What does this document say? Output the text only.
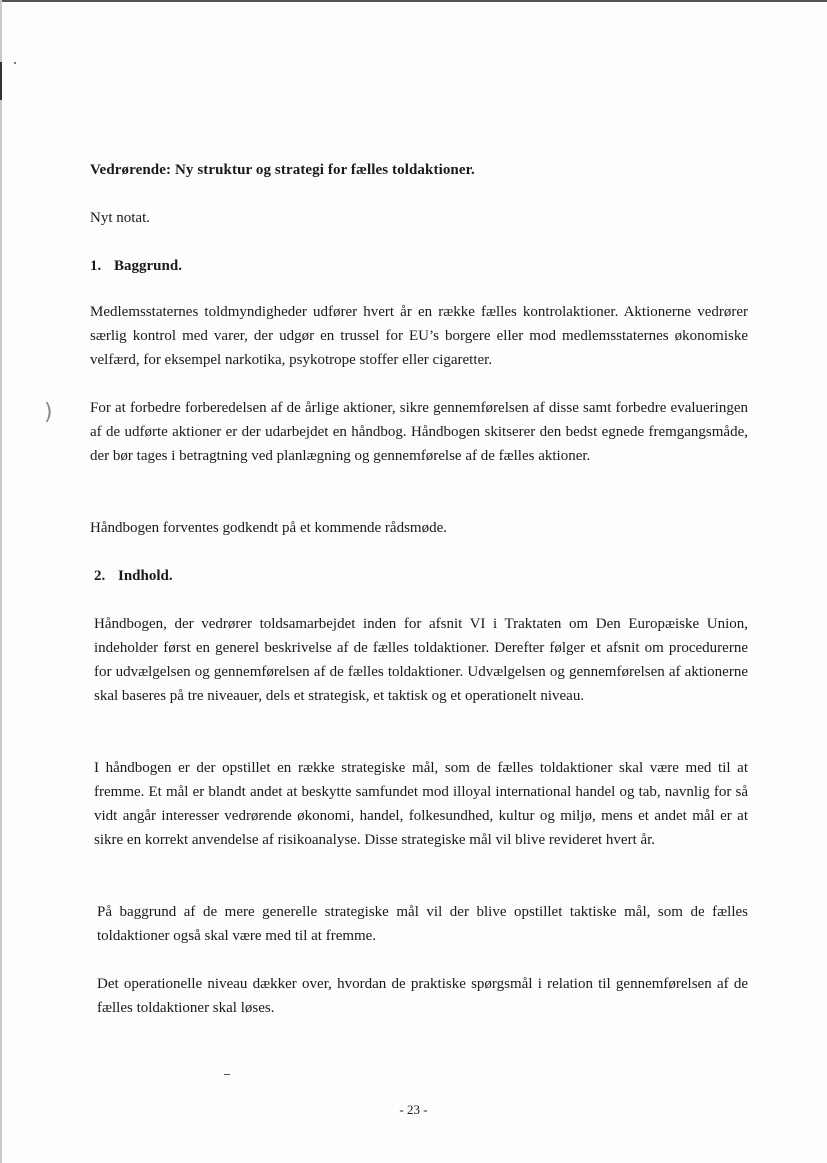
)
Vedrørende: Ny struktur og strategi for fælles toldaktioner.
Nyt notat.
1. Baggrund.

Medlemsstaternes toldmyndigheder udfører hvert år en række fælles kontrolaktioner. Aktionerne vedrører særlig kontrol med varer, der udgør en trussel for EU’s borgere eller mod medlemsstaternes økonomiske velfærd, for eksempel narkotika, psykotrope stoffer eller cigaretter.

For at forbedre forberedelsen af de årlige aktioner, sikre gennemførelsen af disse samt forbedre evalueringen af de udførte aktioner er der udarbejdet en håndbog. Håndbogen skitserer den bedst egnede fremgangsmåde, der bør tages i betragtning ved planlægning og gennemførelse af de fælles aktioner.

Håndbogen forventes godkendt på et kommende rådsmøde.

2. Indhold.

Håndbogen, der vedrører toldsamarbejdet inden for afsnit VI i Traktaten om Den Europæiske Union, indeholder først en generel beskrivelse af de fælles toldaktioner. Derefter følger et afsnit om procedurerne for udvælgelsen og gennemførelsen af de fælles toldaktioner. Udvælgelsen og gennemførelsen af aktionerne skal baseres på tre niveauer, dels et strategisk, et taktisk og et operationelt niveau.

I håndbogen er der opstillet en række strategiske mål, som de fælles toldaktioner skal være med til at fremme. Et mål er blandt andet at beskytte samfundet mod illoyal international handel og tab, navnlig for så vidt angår interesser vedrørende økonomi, handel, folkesundhed, kultur og miljø, mens et andet mål er at sikre en korrekt anvendelse af risikoanalyse. Disse strategiske mål vil blive revideret hvert år.

På baggrund af de mere generelle strategiske mål vil der blive opstillet taktiske mål, som de fælles toldaktioner også skal være med til at fremme.

Det operationelle niveau dækker over, hvordan de praktiske spørgsmål i relation til gennemførelsen af de fælles toldaktioner skal løses.

- 23 -
